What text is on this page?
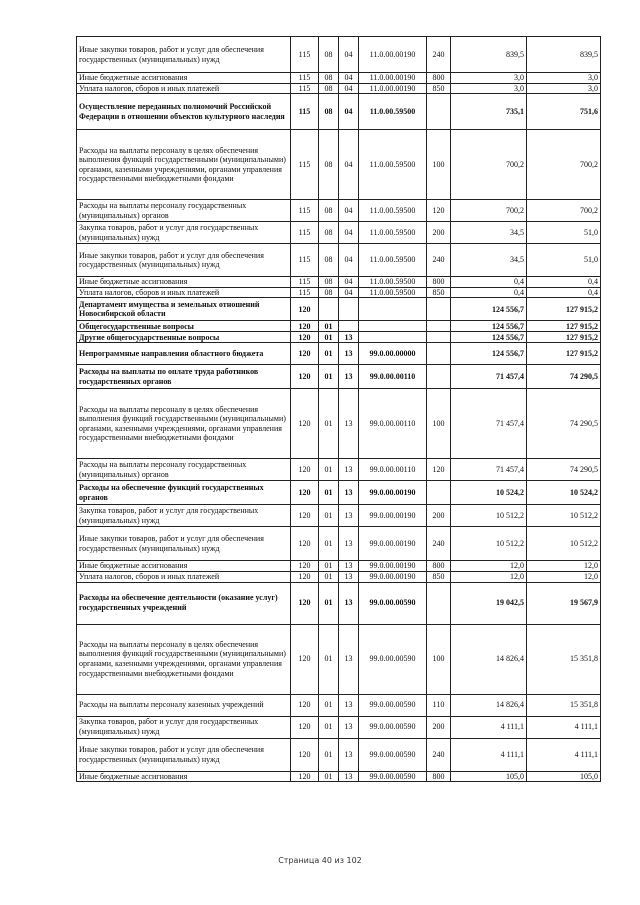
Иные закупки товаров, работ и услуг для обеспечения государственных (муниципальных) нужд	115	08	04	11.0.00.00190	240	839,5	839,5
Иные бюджетные ассигнования	115	08	04	11.0.00.00190	800	3,0	3,0
Уплата налогов, сборов и иных платежей	115	08	04	11.0.00.00190	850	3,0	3,0
Осуществление переданных полномочий Российской Федерации в отношении объектов культурного наследия	115	08	04	11.0.00.59500		735,1	751,6
Расходы на выплаты персоналу в целях обеспечения выполнения функций государственными (муниципальными) органами, казенными учреждениями, органами управления государственными внебюджетными фондами	115	08	04	11.0.00.59500	100	700,2	700,2
Расходы на выплаты персоналу государственных (муниципальных) органов	115	08	04	11.0.00.59500	120	700,2	700,2
Закупка товаров, работ и услуг для государственных (муниципальных) нужд	115	08	04	11.0.00.59500	200	34,5	51,0
Иные закупки товаров, работ и услуг для обеспечения государственных (муниципальных) нужд	115	08	04	11.0.00.59500	240	34,5	51,0
Иные бюджетные ассигнования	115	08	04	11.0.00.59500	800	0,4	0,4
Уплата налогов, сборов и иных платежей	115	08	04	11.0.00.59500	850	0,4	0,4
Департамент имущества и земельных отношений Новосибирской области	120					124 556,7	127 915,2
Общегосударственные вопросы	120	01				124 556,7	127 915,2
Другие общегосударственные вопросы	120	01	13			124 556,7	127 915,2
Непрограммные направления областного бюджета	120	01	13	99.0.00.00000		124 556,7	127 915,2
Расходы на выплаты по оплате труда работников государственных органов	120	01	13	99.0.00.00110		71 457,4	74 290,5
Расходы на выплаты персоналу в целях обеспечения выполнения функций государственными (муниципальными) органами, казенными учреждениями, органами управления государственными внебюджетными фондами	120	01	13	99.0.00.00110	100	71 457,4	74 290,5
Расходы на выплаты персоналу государственных (муниципальных) органов	120	01	13	99.0.00.00110	120	71 457,4	74 290,5
Расходы на обеспечение функций государственных органов	120	01	13	99.0.00.00190		10 524,2	10 524,2
Закупка товаров, работ и услуг для государственных (муниципальных) нужд	120	01	13	99.0.00.00190	200	10 512,2	10 512,2
Иные закупки товаров, работ и услуг для обеспечения государственных (муниципальных) нужд	120	01	13	99.0.00.00190	240	10 512,2	10 512,2
Иные бюджетные ассигнования	120	01	13	99.0.00.00190	800	12,0	12,0
Уплата налогов, сборов и иных платежей	120	01	13	99.0.00.00190	850	12,0	12,0
Расходы на обеспечение деятельности (оказание услуг) государственных учреждений	120	01	13	99.0.00.00590		19 042,5	19 567,9
Расходы на выплаты персоналу в целях обеспечения выполнения функций государственными (муниципальными) органами, казенными учреждениями, органами управления государственными внебюджетными фондами	120	01	13	99.0.00.00590	100	14 826,4	15 351,8
Расходы на выплаты персоналу казенных учреждений	120	01	13	99.0.00.00590	110	14 826,4	15 351,8
Закупка товаров, работ и услуг для государственных (муниципальных) нужд	120	01	13	99.0.00.00590	200	4 111,1	4 111,1
Иные закупки товаров, работ и услуг для обеспечения государственных (муниципальных) нужд	120	01	13	99.0.00.00590	240	4 111,1	4 111,1
Иные бюджетные ассигнования	120	01	13	99.0.00.00590	800	105,0	105,0
Страница 40 из 102
